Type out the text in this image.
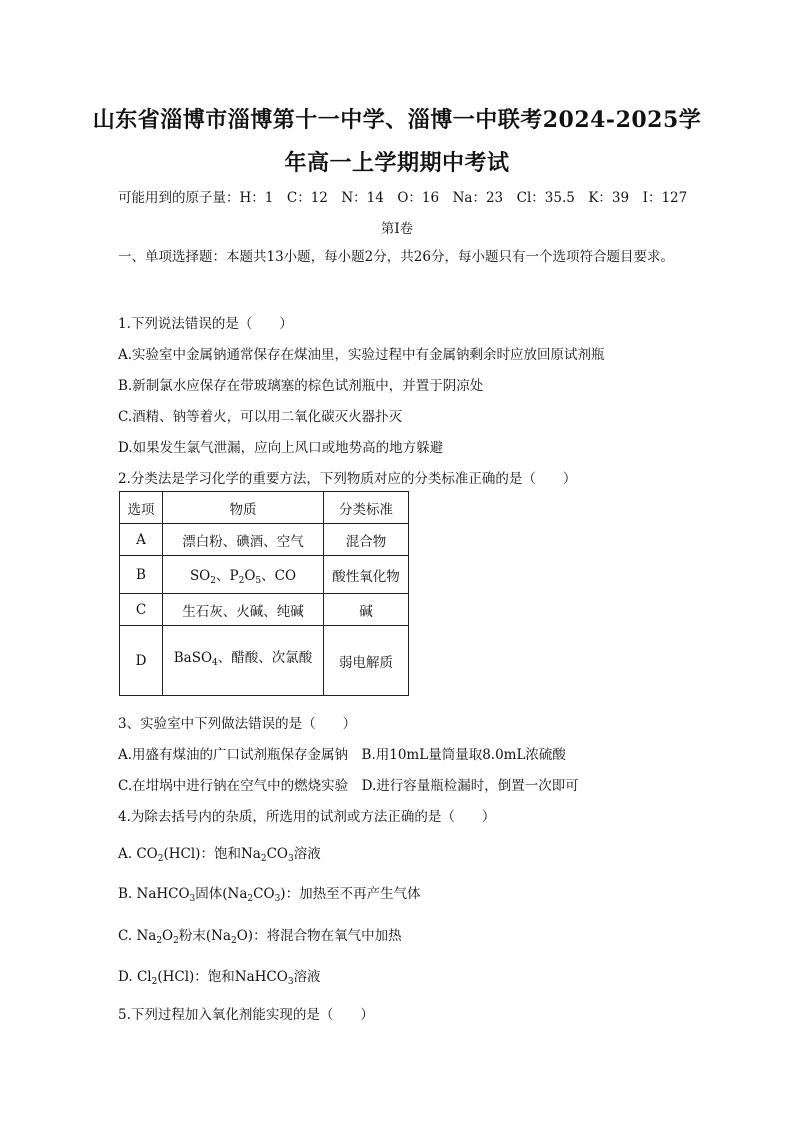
山东省淄博市淄博第十一中学、淄博一中联考2024-2025学
年高一上学期期中考试
可能用到的原子量：H：1　C：12　N：14　O：16　Na：23　Cl：35.5　K：39　I：127
第Ⅰ卷
一、单项选择题：本题共13小题，每小题2分，共26分，每小题只有一个选项符合题目要求。
1.下列说法错误的是（　　）
A.实验室中金属钠通常保存在煤油里，实验过程中有金属钠剩余时应放回原试剂瓶
B.新制氯水应保存在带玻璃塞的棕色试剂瓶中，并置于阴凉处
C.酒精、钠等着火，可以用二氧化碳灭火器扑灭
D.如果发生氯气泄漏，应向上风口或地势高的地方躲避
2.分类法是学习化学的重要方法，下列物质对应的分类标准正确的是（　　）
选项	物质	分类标准
A	漂白粉、碘酒、空气	混合物
B	$SO_2$、$P_2O_5$、CO	酸性氧化物
C	生石灰、火碱、纯碱	碱
D	BaSO$_4$、醋酸、次氯酸	弱电解质
3、实验室中下列做法错误的是（　　）
A.用盛有煤油的广口试剂瓶保存金属钠　B.用10mL量筒量取8.0mL浓硫酸
C.在坩埚中进行钠在空气中的燃烧实验　D.进行容量瓶检漏时，倒置一次即可
4.为除去括号内的杂质，所选用的试剂或方法正确的是（　　）
A. $CO_2(HCl)$：饱和$Na_2CO_3$溶液
B. NaHCO$_3$固体$(Na_2CO_3)$：加热至不再产生气体
C. $Na_2O_2$粉末$(Na_2O)$：将混合物在氧气中加热
D. $Cl_2(HCl)$：饱和NaHCO$_3$溶液
5.下列过程加入氧化剂能实现的是（　　）
